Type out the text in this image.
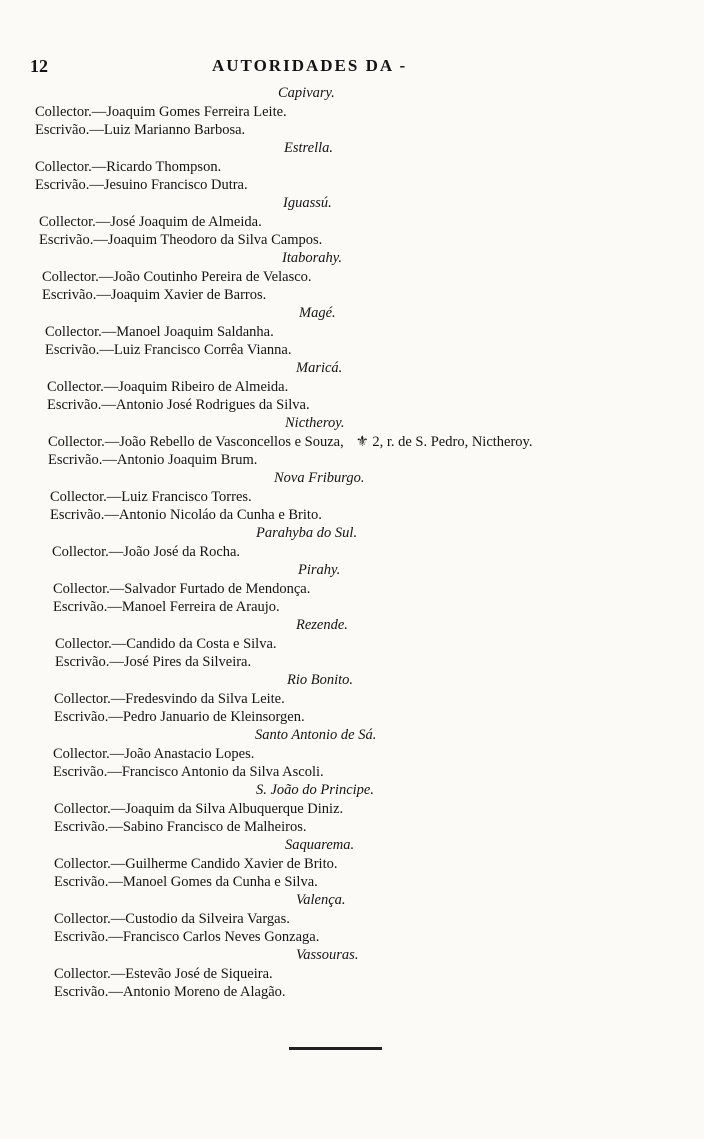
12	AUTORIDADES DA -
Capivary.
Collector.—Joaquim Gomes Ferreira Leite.
Escrivão.—Luiz Marianno Barbosa.
Estrella.
Collector.—Ricardo Thompson.
Escrivão.—Jesuino Francisco Dutra.
Iguassú.
Collector.—José Joaquim de Almeida.
Escrivão.—Joaquim Theodoro da Silva Campos.
Itaborahy.
Collector.—João Coutinho Pereira de Velasco.
Escrivão.—Joaquim Xavier de Barros.
Magé.
Collector.—Manoel Joaquim Saldanha.
Escrivão.—Luiz Francisco Corrêa Vianna.
Maricá.
Collector.—Joaquim Ribeiro de Almeida.
Escrivão.—Antonio José Rodrigues da Silva.
Nictheroy.
Collector.—João Rebello de Vasconcellos e Souza, ⚜ 2, r. de S. Pedro, Nictheroy.
Escrivão.—Antonio Joaquim Brum.
Nova Friburgo.
Collector.—Luiz Francisco Torres.
Escrivão.—Antonio Nicoláo da Cunha e Brito.
Parahyba do Sul.
Collector.—João José da Rocha.
Pirahy.
Collector.—Salvador Furtado de Mendonça.
Escrivão.—Manoel Ferreira de Araujo.
Rezende.
Collector.—Candido da Costa e Silva.
Escrivão.—José Pires da Silveira.
Rio Bonito.
Collector.—Fredesvindo da Silva Leite.
Escrivão.—Pedro Januario de Kleinsorgen.
Santo Antonio de Sá.
Collector.—João Anastacio Lopes.
Escrivão.—Francisco Antonio da Silva Ascoli.
S. João do Principe.
Collector.—Joaquim da Silva Albuquerque Diniz.
Escrivão.—Sabino Francisco de Malheiros.
Saquarema.
Collector.—Guilherme Candido Xavier de Brito.
Escrivão.—Manoel Gomes da Cunha e Silva.
Valença.
Collector.—Custodio da Silveira Vargas.
Escrivão.—Francisco Carlos Neves Gonzaga.
Vassouras.
Collector.—Estevão José de Siqueira.
Escrivão.—Antonio Moreno de Alagão.
